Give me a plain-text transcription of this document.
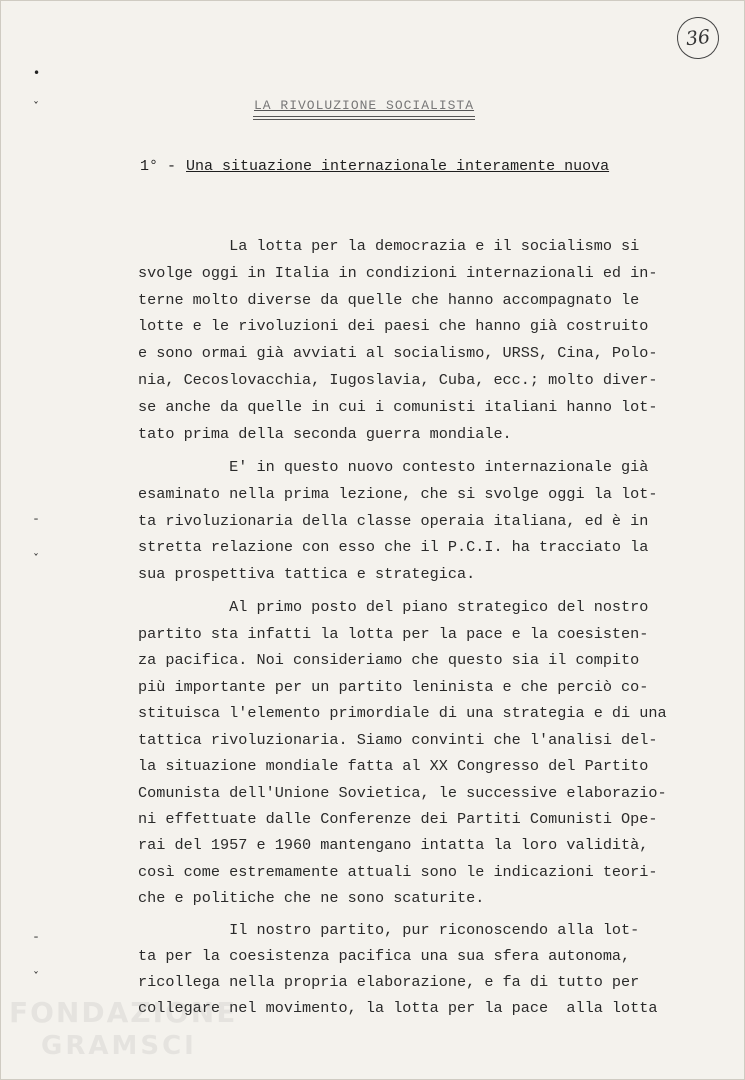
36
•
ˇ
ˉ
ˇ
ˉ
ˇ
LA RIVOLUZIONE SOCIALISTA
1° - Una situazione internazionale interamente nuova
La lotta per la democrazia e il socialismo si
svolge oggi in Italia in condizioni internazionali ed in-
terne molto diverse da quelle che hanno accompagnato le
lotte e le rivoluzioni dei paesi che hanno già costruito
e sono ormai già avviati al socialismo, URSS, Cina, Polo-
nia, Cecoslovacchia, Iugoslavia, Cuba, ecc.; molto diver-
se anche da quelle in cui i comunisti italiani hanno lot-
tato prima della seconda guerra mondiale.
E' in questo nuovo contesto internazionale già
esaminato nella prima lezione, che si svolge oggi la lot-
ta rivoluzionaria della classe operaia italiana, ed è in
stretta relazione con esso che il P.C.I. ha tracciato la
sua prospettiva tattica e strategica.
Al primo posto del piano strategico del nostro
partito sta infatti la lotta per la pace e la coesisten-
za pacifica. Noi consideriamo che questo sia il compito
più importante per un partito leninista e che perciò co-
stituisca l'elemento primordiale di una strategia e di una
tattica rivoluzionaria. Siamo convinti che l'analisi del-
la situazione mondiale fatta al XX Congresso del Partito
Comunista dell'Unione Sovietica, le successive elaborazio-
ni effettuate dalle Conferenze dei Partiti Comunisti Ope-
rai del 1957 e 1960 mantengano intatta la loro validità,
così come estremamente attuali sono le indicazioni teori-
che e politiche che ne sono scaturite.
Il nostro partito, pur riconoscendo alla lot-
ta per la coesistenza pacifica una sua sfera autonoma,
ricollega nella propria elaborazione, e fa di tutto per
collegare nel movimento, la lotta per la pace  alla lotta
FONDAZIONE
GRAMSCI
